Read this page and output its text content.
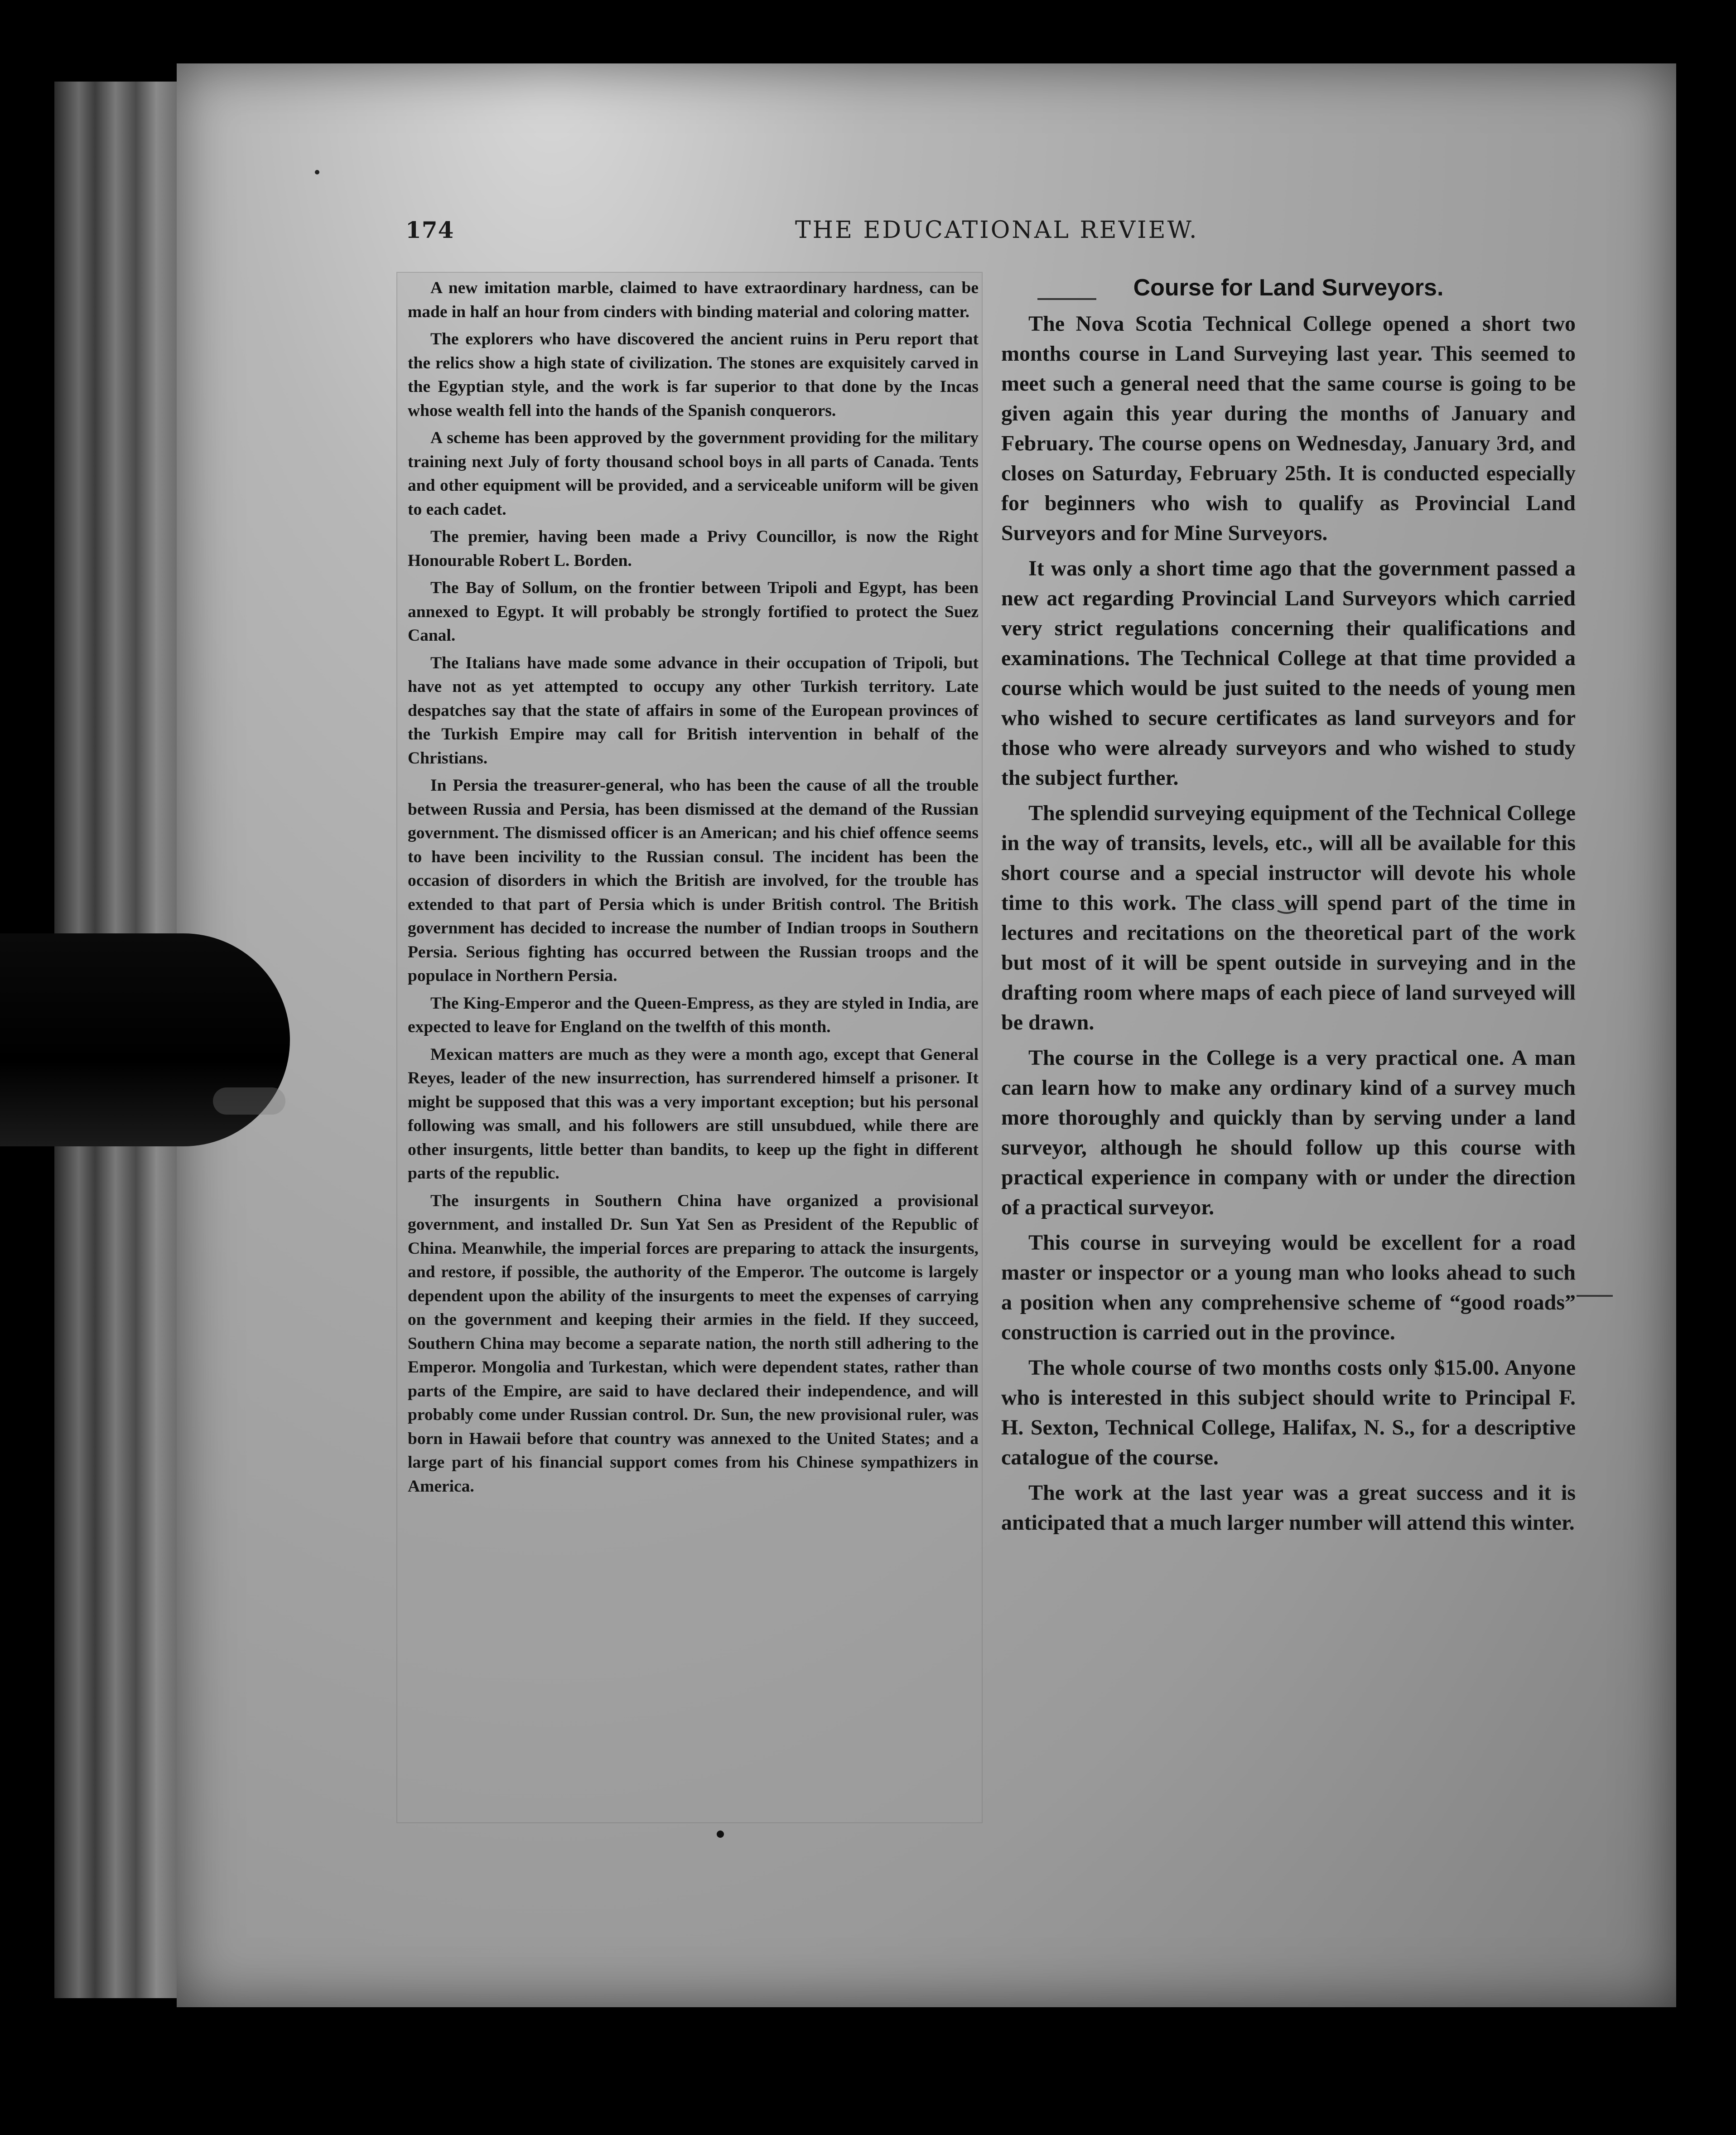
174	THE EDUCATIONAL REVIEW.

A new imitation marble, claimed to have extraordinary hardness, can be made in half an hour from cinders with binding material and coloring matter.

The explorers who have discovered the ancient ruins in Peru report that the relics show a high state of civilization. The stones are exquisitely carved in the Egyptian style, and the work is far superior to that done by the Incas whose wealth fell into the hands of the Spanish conquerors.

A scheme has been approved by the government providing for the military training next July of forty thousand school boys in all parts of Canada. Tents and other equipment will be provided, and a serviceable uniform will be given to each cadet.

The premier, having been made a Privy Councillor, is now the Right Honourable Robert L. Borden.

The Bay of Sollum, on the frontier between Tripoli and Egypt, has been annexed to Egypt. It will probably be strongly fortified to protect the Suez Canal.

The Italians have made some advance in their occupation of Tripoli, but have not as yet attempted to occupy any other Turkish territory. Late despatches say that the state of affairs in some of the European provinces of the Turkish Empire may call for British intervention in behalf of the Christians.

In Persia the treasurer-general, who has been the cause of all the trouble between Russia and Persia, has been dismissed at the demand of the Russian government. The dismissed officer is an American; and his chief offence seems to have been incivility to the Russian consul. The incident has been the occasion of disorders in which the British are involved, for the trouble has extended to that part of Persia which is under British control. The British government has decided to increase the number of Indian troops in Southern Persia. Serious fighting has occurred between the Russian troops and the populace in Northern Persia.

The King-Emperor and the Queen-Empress, as they are styled in India, are expected to leave for England on the twelfth of this month.

Mexican matters are much as they were a month ago, except that General Reyes, leader of the new insurrection, has surrendered himself a prisoner. It might be supposed that this was a very important exception; but his personal following was small, and his followers are still unsubdued, while there are other insurgents, little better than bandits, to keep up the fight in different parts of the republic.

The insurgents in Southern China have organized a provisional government, and installed Dr. Sun Yat Sen as President of the Republic of China. Meanwhile, the imperial forces are preparing to attack the insurgents, and restore, if possible, the authority of the Emperor. The outcome is largely dependent upon the ability of the insurgents to meet the expenses of carrying on the government and keeping their armies in the field. If they succeed, Southern China may become a separate nation, the north still adhering to the Emperor. Mongolia and Turkestan, which were dependent states, rather than parts of the Empire, are said to have declared their independence, and will probably come under Russian control. Dr. Sun, the new provisional ruler, was born in Hawaii before that country was annexed to the United States; and a large part of his financial support comes from his Chinese sympathizers in America.

Course for Land Surveyors.

The Nova Scotia Technical College opened a short two months course in Land Surveying last year. This seemed to meet such a general need that the same course is going to be given again this year during the months of January and February. The course opens on Wednesday, January 3rd, and closes on Saturday, February 25th. It is conducted especially for beginners who wish to qualify as Provincial Land Surveyors and for Mine Surveyors.

It was only a short time ago that the government passed a new act regarding Provincial Land Surveyors which carried very strict regulations concerning their qualifications and examinations. The Technical College at that time provided a course which would be just suited to the needs of young men who wished to secure certificates as land surveyors and for those who were already surveyors and who wished to study the subject further.

The splendid surveying equipment of the Technical College in the way of transits, levels, etc., will all be available for this short course and a special instructor will devote his whole time to this work. The class will spend part of the time in lectures and recitations on the theoretical part of the work but most of it will be spent outside in surveying and in the drafting room where maps of each piece of land surveyed will be drawn.

The course in the College is a very practical one. A man can learn how to make any ordinary kind of a survey much more thoroughly and quickly than by serving under a land surveyor, although he should follow up this course with practical experience in company with or under the direction of a practical surveyor.

This course in surveying would be excellent for a road master or inspector or a young man who looks ahead to such a position when any comprehensive scheme of “good roads” construction is carried out in the province.

The whole course of two months costs only $15.00. Anyone who is interested in this subject should write to Principal F. H. Sexton, Technical College, Halifax, N. S., for a descriptive catalogue of the course.

The work at the last year was a great success and it is anticipated that a much larger number will attend this winter.
